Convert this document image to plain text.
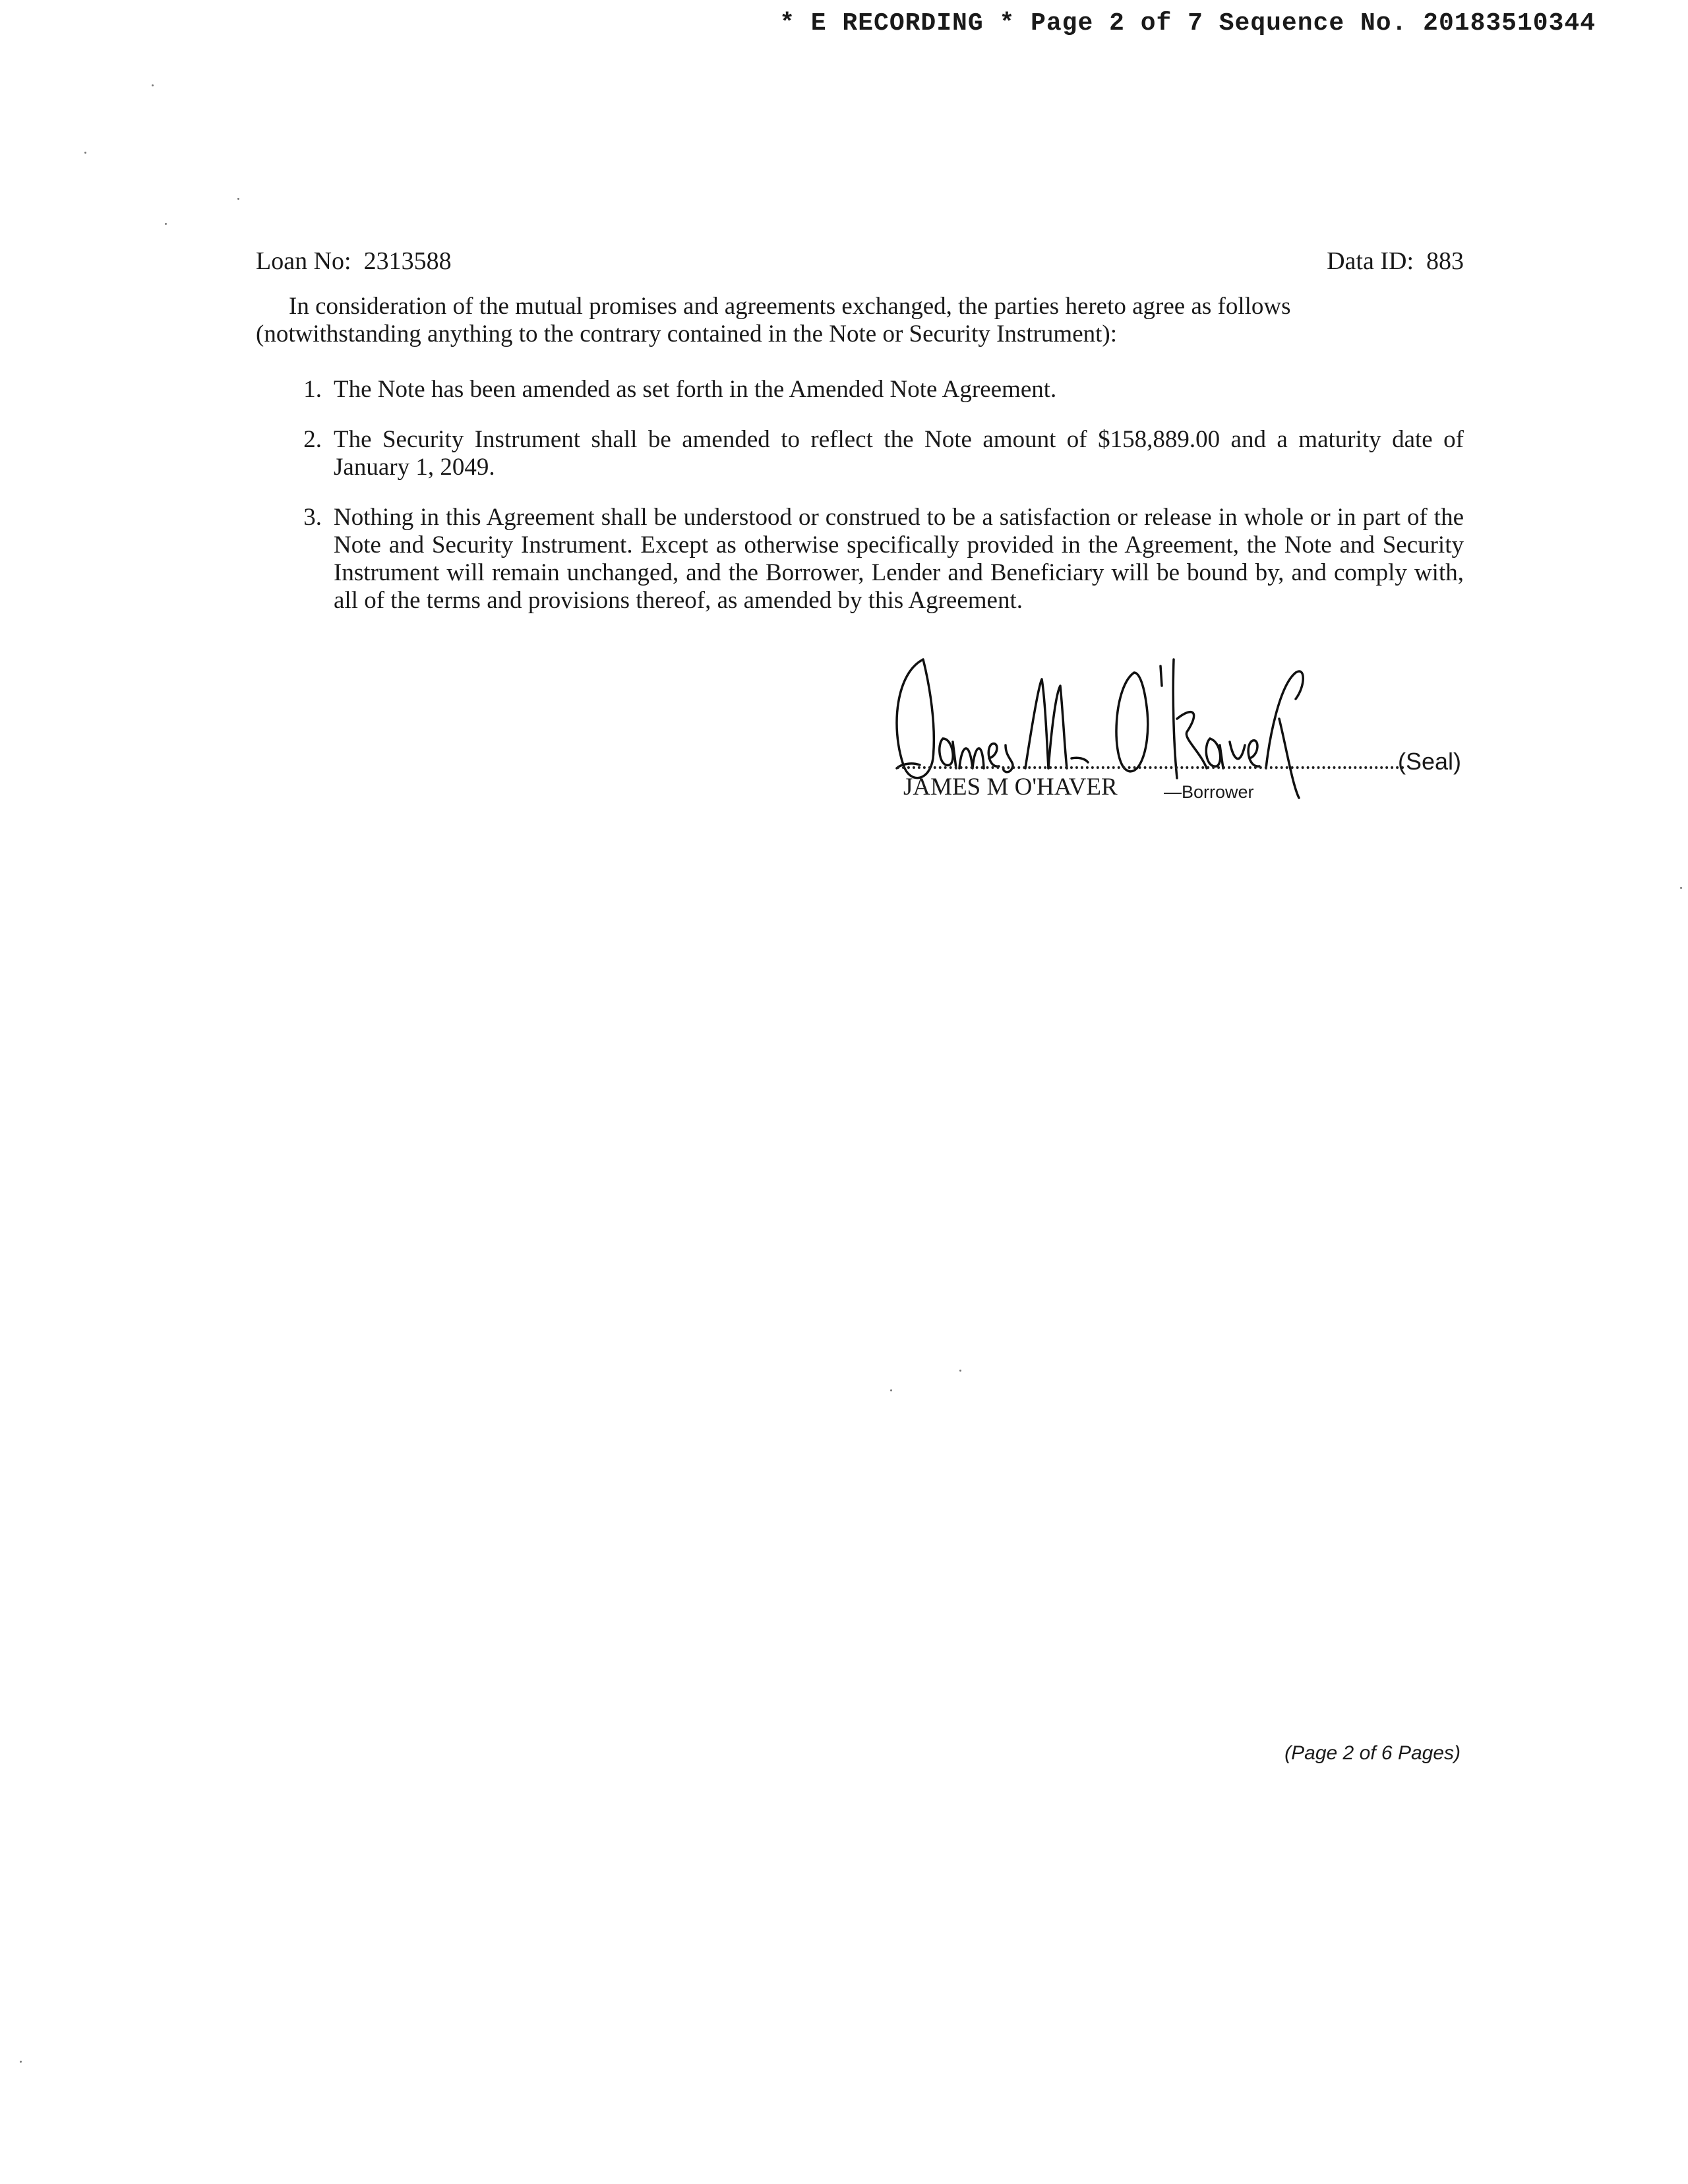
* E RECORDING * Page 2 of 7 Sequence No. 20183510344
Loan No: 2313588	Data ID: 883
In consideration of the mutual promises and agreements exchanged, the parties hereto agree as follows
(notwithstanding anything to the contrary contained in the Note or Security Instrument):
1. The Note has been amended as set forth in the Amended Note Agreement.
2. The Security Instrument shall be amended to reflect the Note amount of $158,889.00 and a maturity date of January 1, 2049.
3. Nothing in this Agreement shall be understood or construed to be a satisfaction or release in whole or in part of the Note and Security Instrument. Except as otherwise specifically provided in the Agreement, the Note and Security Instrument will remain unchanged, and the Borrower, Lender and Beneficiary will be bound by, and comply with, all of the terms and provisions thereof, as amended by this Agreement.
(Seal)
JAMES M O'HAVER	—Borrower
(Page 2 of 6 Pages)
